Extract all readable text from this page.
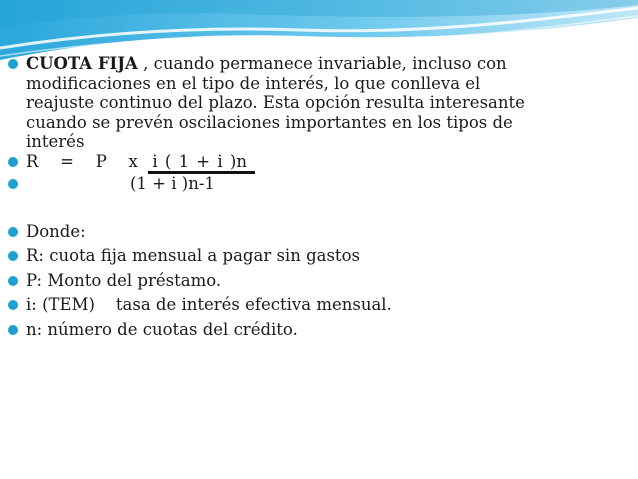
CUOTA FIJA , cuando permanece invariable, incluso con
modificaciones en el tipo de interés, lo que conlleva el
reajuste continuo del plazo. Esta opción resulta interesante
cuando se prevén oscilaciones importantes en los tipos de
interés
R   =   P   x  i ( 1 + i )n
(1 + i )n-1
Donde:
R: cuota fija mensual a pagar sin gastos
P: Monto del préstamo.
i: (TEM)    tasa de interés efectiva mensual.
n: número de cuotas del crédito.
